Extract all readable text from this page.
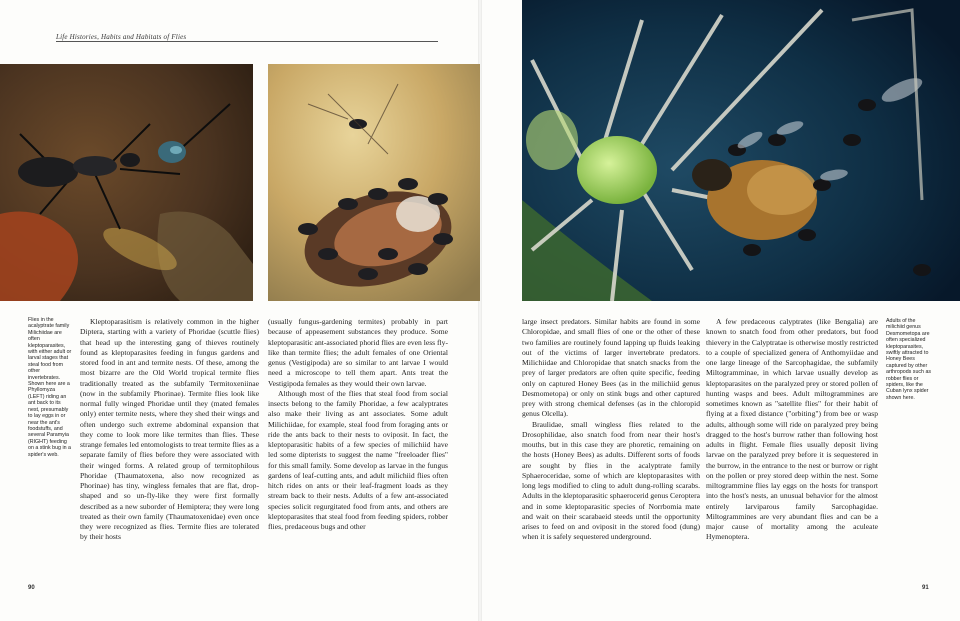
Life Histories, Habits and Habitats of Flies
Flies in the acalyptrate family Milichiidae are often kleptoparasites, with either adult or larval stages that steal food from other invertebrates. Shown here are a Phyllomyza (LEFT) riding an ant back to its nest, presumably to lay eggs in or near the ant's foodstuffs, and several Paramyia (RIGHT) feeding on a stink bug in a spider's web.
Adults of the milichiid genus Desmometopa are often specialized kleptoparasites, swiftly attracted to Honey Bees captured by other arthropods such as robber flies or spiders, like the Cuban lynx spider shown here.

Kleptoparasitism is relatively common in the higher Diptera, starting with a variety of Phoridae (scuttle flies) that head up the interesting gang of thieves routinely found as kleptoparasites feeding in fungus gardens and stored food in ant and termite nests. Of these, among the most bizarre are the Old World tropical termite flies traditionally treated as the subfamily Termitoxeniinae (now in the subfamily Phorinae). Termite flies look like normal fully winged Phoridae until they (mated females only) enter termite nests, where they shed their wings and often undergo such extreme abdominal expansion that they come to look more like termites than flies. These strange females led entomologists to treat termite flies as a separate family of flies before they were associated with their winged forms. A related group of termitophilous Phoridae (Thaumatoxena, also now recognized as Phorinae) has tiny, wingless females that are flat, drop-shaped and so un-fly-like they were first formally described as a new suborder of Hemiptera; they were long treated as their own family (Thaumatoxenidae) even once they were recognized as flies. Termite flies are tolerated by their hosts

(usually fungus-gardening termites) probably in part because of appeasement substances they produce. Some kleptoparasitic ant-associated phorid flies are even less fly-like than termite flies; the adult females of one Oriental genus (Vestigipoda) are so similar to ant larvae I would need a microscope to tell them apart. Ants treat the Vestigipoda females as they would their own larvae.

Although most of the flies that steal food from social insects belong to the family Phoridae, a few acalyptrates also make their living as ant associates. Some adult Milichiidae, for example, steal food from foraging ants or ride the ants back to their nests to oviposit. In fact, the kleptoparasitic habits of a few species of milichiid have led some dipterists to suggest the name "freeloader flies" for this small family. Some develop as larvae in the fungus gardens of leaf-cutting ants, and adult milichiid flies often hitch rides on ants or their leaf-fragment loads as they stream back to their nests. Adults of a few ant-associated species solicit regurgitated food from ants, and others are kleptoparasites that steal food from feeding spiders, robber flies, predaceous bugs and other

large insect predators. Similar habits are found in some Chloropidae, and small flies of one or the other of these two families are routinely found lapping up fluids leaking out of the victims of larger invertebrate predators. Milichiidae and Chloropidae that snatch snacks from the prey of larger predators are often quite specific, feeding only on captured Honey Bees (as in the milichiid genus Desmometopa) or only on stink bugs and other captured prey with strong chemical defenses (as in the chloropid genus Olcella).

Braulidae, small wingless flies related to the Drosophilidae, also snatch food from near their host's mouths, but in this case they are phoretic, remaining on the hosts (Honey Bees) as adults. Different sorts of foods are sought by flies in the acalyptrate family Sphaeroceridae, some of which are kleptoparasites with long legs modified to cling to adult dung-rolling scarabs. Adults in the kleptoparasitic sphaerocerid genus Ceroptera and in some kleptoparasitic species of Norrbomia mate and wait on their scarabaeid steeds until the opportunity arises to feed on and oviposit in the stored food (dung) when it is safely sequestered underground.

A few predaceous calyptrates (like Bengalia) are known to snatch food from other predators, but food thievery in the Calyptratae is otherwise mostly restricted to a couple of specialized genera of Anthomyiidae and one large lineage of the Sarcophagidae, the subfamily Miltogramminae, in which larvae usually develop as kleptoparasites on the paralyzed prey or stored pollen of hunting wasps and bees. Adult miltogrammines are sometimes known as "satellite flies" for their habit of flying at a fixed distance ("orbiting") from bee or wasp adults, although some will ride on paralyzed prey being dragged to the host's burrow rather than following host adults in flight. Female flies usually deposit living larvae on the paralyzed prey before it is sequestered in the burrow, in the entrance to the nest or burrow or right on the pollen or prey stored deep within the nest. Some miltogrammine flies lay eggs on the hosts for transport into the host's nests, an unusual behavior for the almost entirely larviparous family Sarcophagidae. Miltogrammines are very abundant flies and can be a major cause of mortality among the aculeate Hymenoptera.

90	91
